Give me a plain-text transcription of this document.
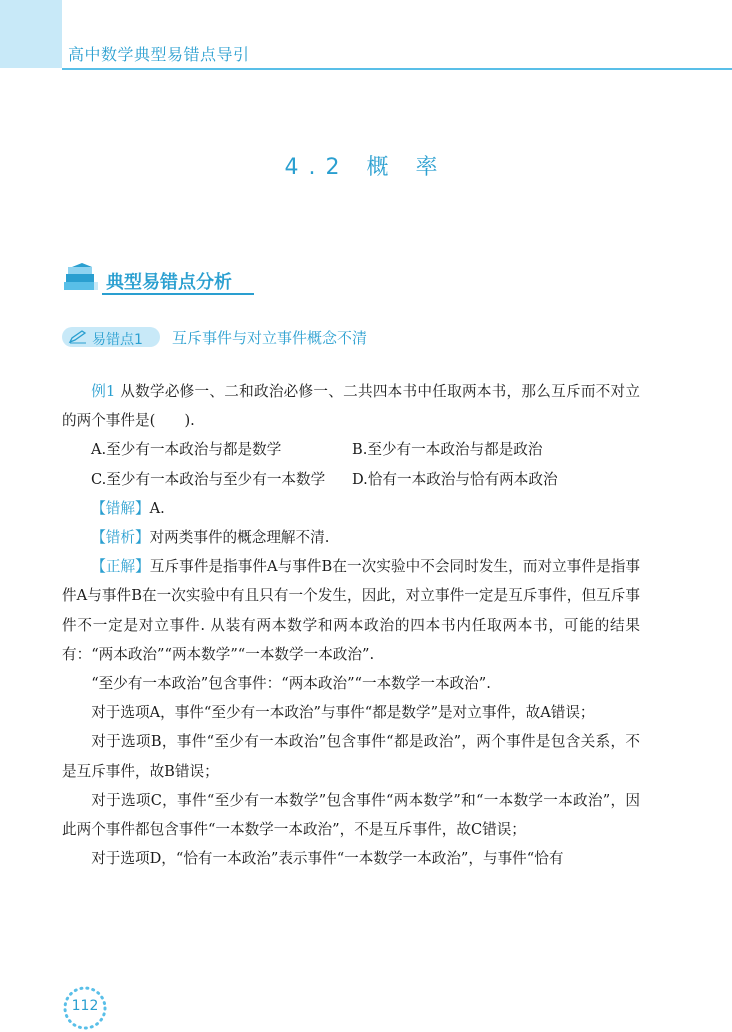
高中数学典型易错点导引
4.2 概 率
典型易错点分析
易错点1 互斥事件与对立事件概念不清

例1 从数学必修一、二和政治必修一、二共四本书中任取两本书，那么互斥而不对立的两个事件是(　　).

A.至少有一本政治与都是数学	B.至少有一本政治与都是政治
C.至少有一本政治与至少有一本数学	D.恰有一本政治与恰有两本政治

【错解】A.

【错析】对两类事件的概念理解不清.

【正解】互斥事件是指事件A与事件B在一次实验中不会同时发生，而对立事件是指事件A与事件B在一次实验中有且只有一个发生，因此，对立事件一定是互斥事件，但互斥事件不一定是对立事件. 从装有两本数学和两本政治的四本书内任取两本书，可能的结果有：“两本政治”“两本数学”“一本数学一本政治”.

“至少有一本政治”包含事件：“两本政治”“一本数学一本政治”.

对于选项A，事件“至少有一本政治”与事件“都是数学”是对立事件，故A错误；

对于选项B，事件“至少有一本政治”包含事件“都是政治”，两个事件是包含关系，不是互斥事件，故B错误；

对于选项C，事件“至少有一本数学”包含事件“两本数学”和“一本数学一本政治”，因此两个事件都包含事件“一本数学一本政治”，不是互斥事件，故C错误；

对于选项D，“恰有一本政治”表示事件“一本数学一本政治”，与事件“恰有

112
